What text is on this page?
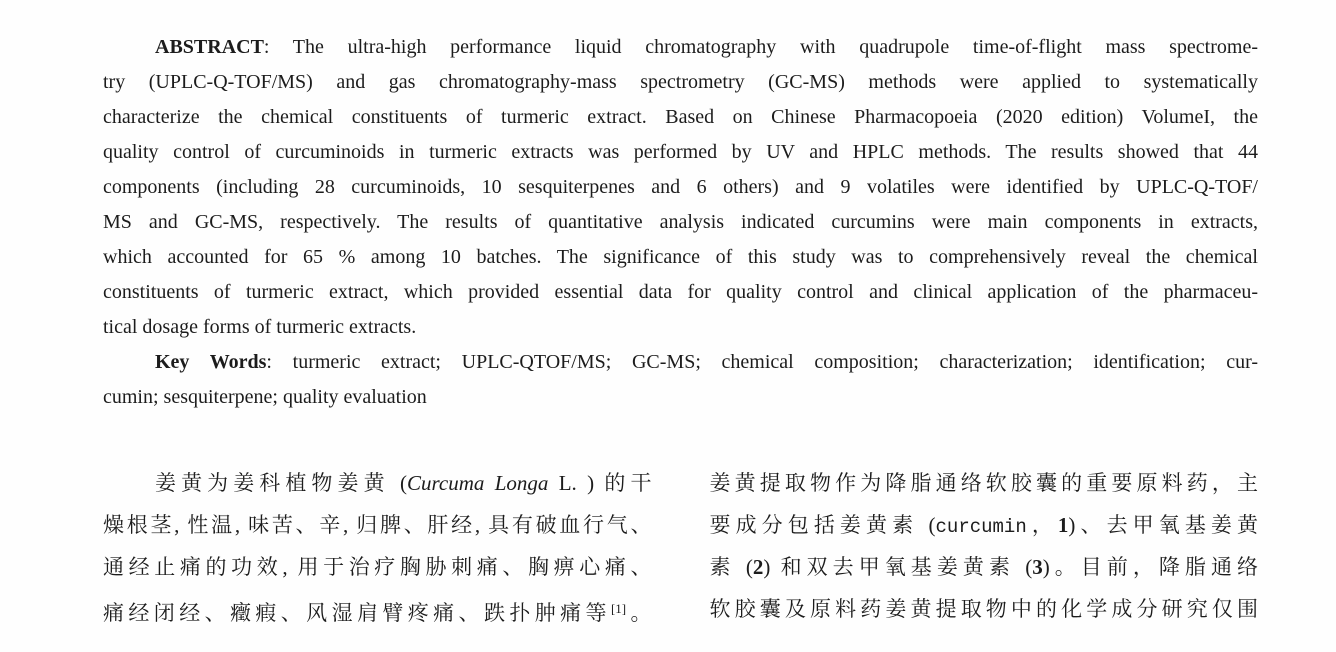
ABSTRACT: The ultra-high performance liquid chromatography with quadrupole time-of-flight mass spectrome-
try (UPLC-Q-TOF/MS) and gas chromatography-mass spectrometry (GC-MS) methods were applied to systematically
characterize the chemical constituents of turmeric extract. Based on Chinese Pharmacopoeia (2020 edition) VolumeI, the
quality control of curcuminoids in turmeric extracts was performed by UV and HPLC methods. The results showed that 44
components (including 28 curcuminoids, 10 sesquiterpenes and 6 others) and 9 volatiles were identified by UPLC-Q-TOF/
MS and GC-MS, respectively. The results of quantitative analysis indicated curcumins were main components in extracts,
which accounted for 65 % among 10 batches. The significance of this study was to comprehensively reveal the chemical
constituents of turmeric extract, which provided essential data for quality control and clinical application of the pharmaceu-
tical dosage forms of turmeric extracts.
Key Words: turmeric extract; UPLC-QTOF/MS; GC-MS; chemical composition; characterization; identification; cur-
cumin; sesquiterpene; quality evaluation
姜黄为姜科植物姜黄 (Curcuma Longa L. ) 的干
燥根茎, 性温, 味苦、辛, 归脾、肝经, 具有破血行气、
通经止痛的功效, 用于治疗胸胁刺痛、胸痹心痛、
痛经闭经、癥瘕、风湿肩臂疼痛、跌扑肿痛等[1]。
姜黄提取物作为降脂通络软胶囊的重要原料药，主
要成分包括姜黄素 (curcumin，1)、去甲氧基姜黄
素 (2) 和双去甲氧基姜黄素 (3)。目前，降脂通络
软胶囊及原料药姜黄提取物中的化学成分研究仅围
